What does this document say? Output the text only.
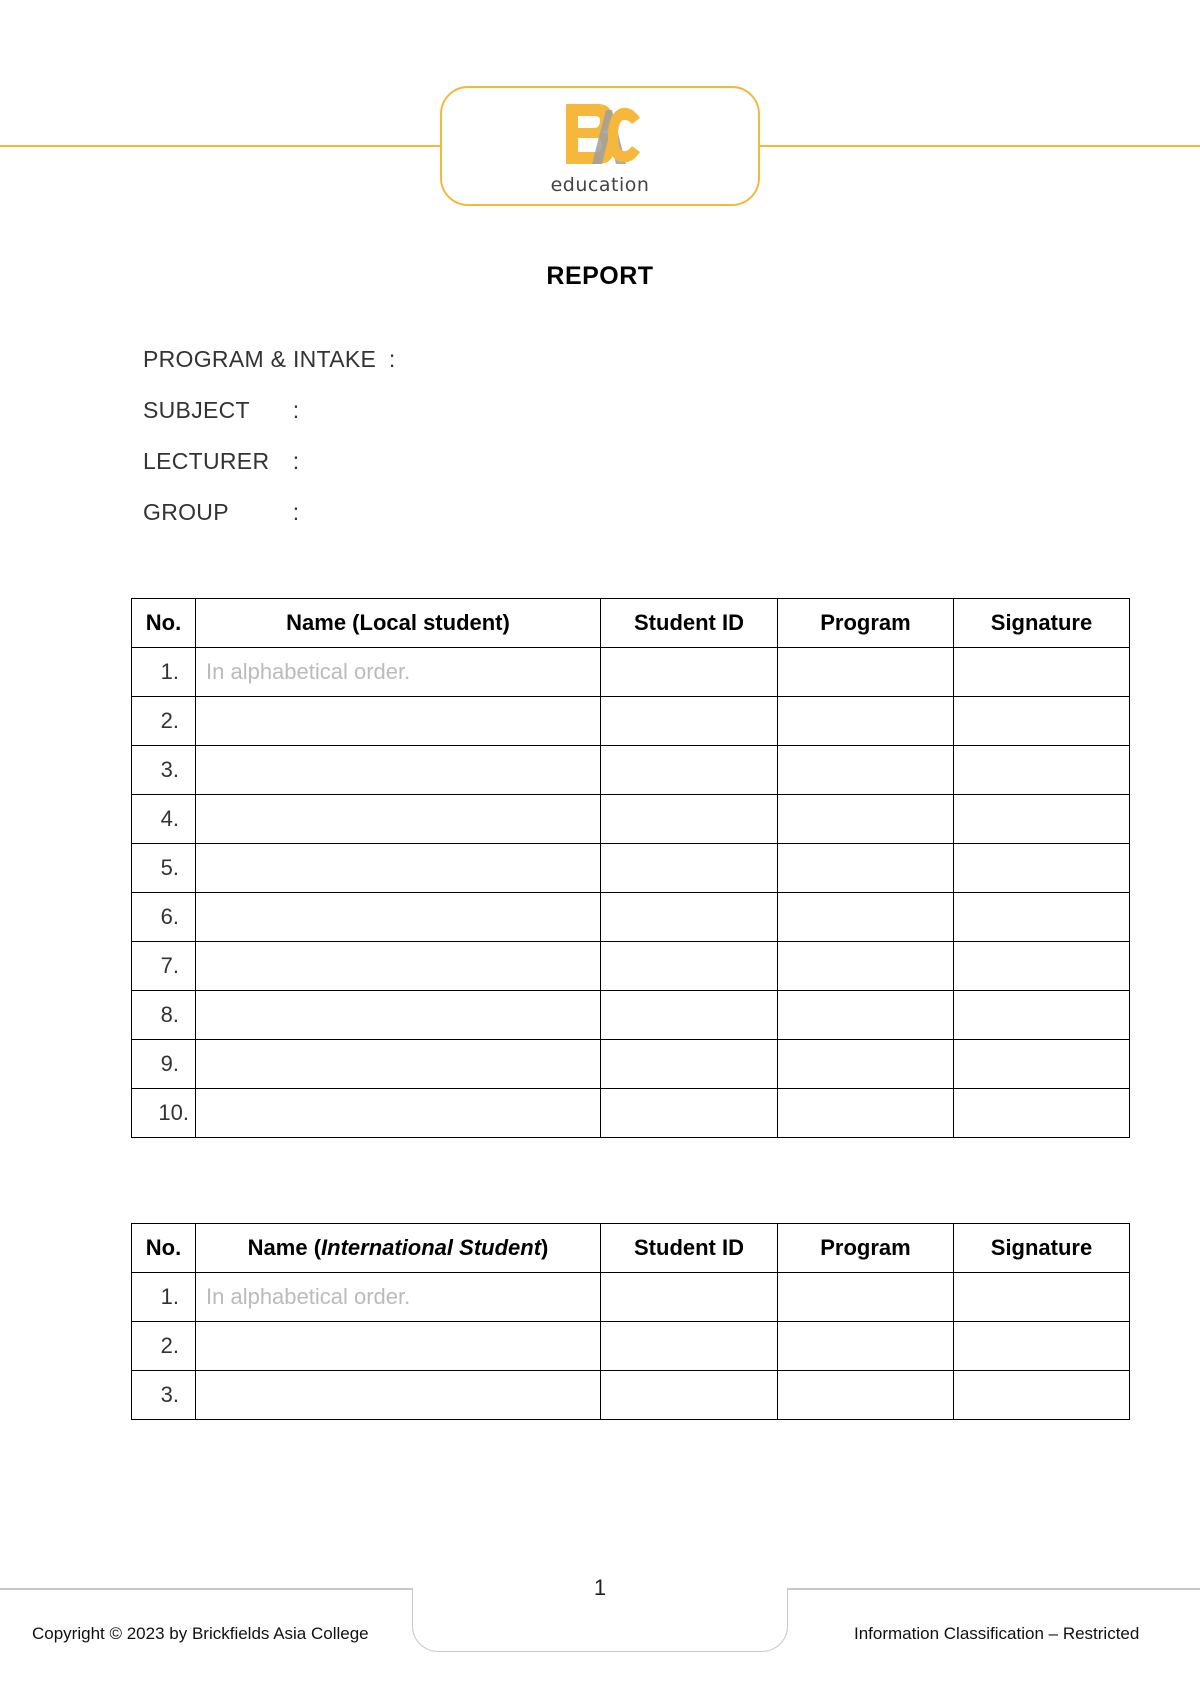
education
REPORT
PROGRAM & INTAKE :
SUBJECT :
LECTURER :
GROUP	:
No.	Name (Local student)	Student ID	Program	Signature
1.	In alphabetical order.			
2.				
3.				
4.				
5.				
6.				
7.				
8.				
9.				
10.				
No.	Name (International Student)	Student ID	Program	Signature
1.	In alphabetical order.			
2.				
3.				
1
Copyright © 2023 by Brickfields Asia College	Information Classification – Restricted
